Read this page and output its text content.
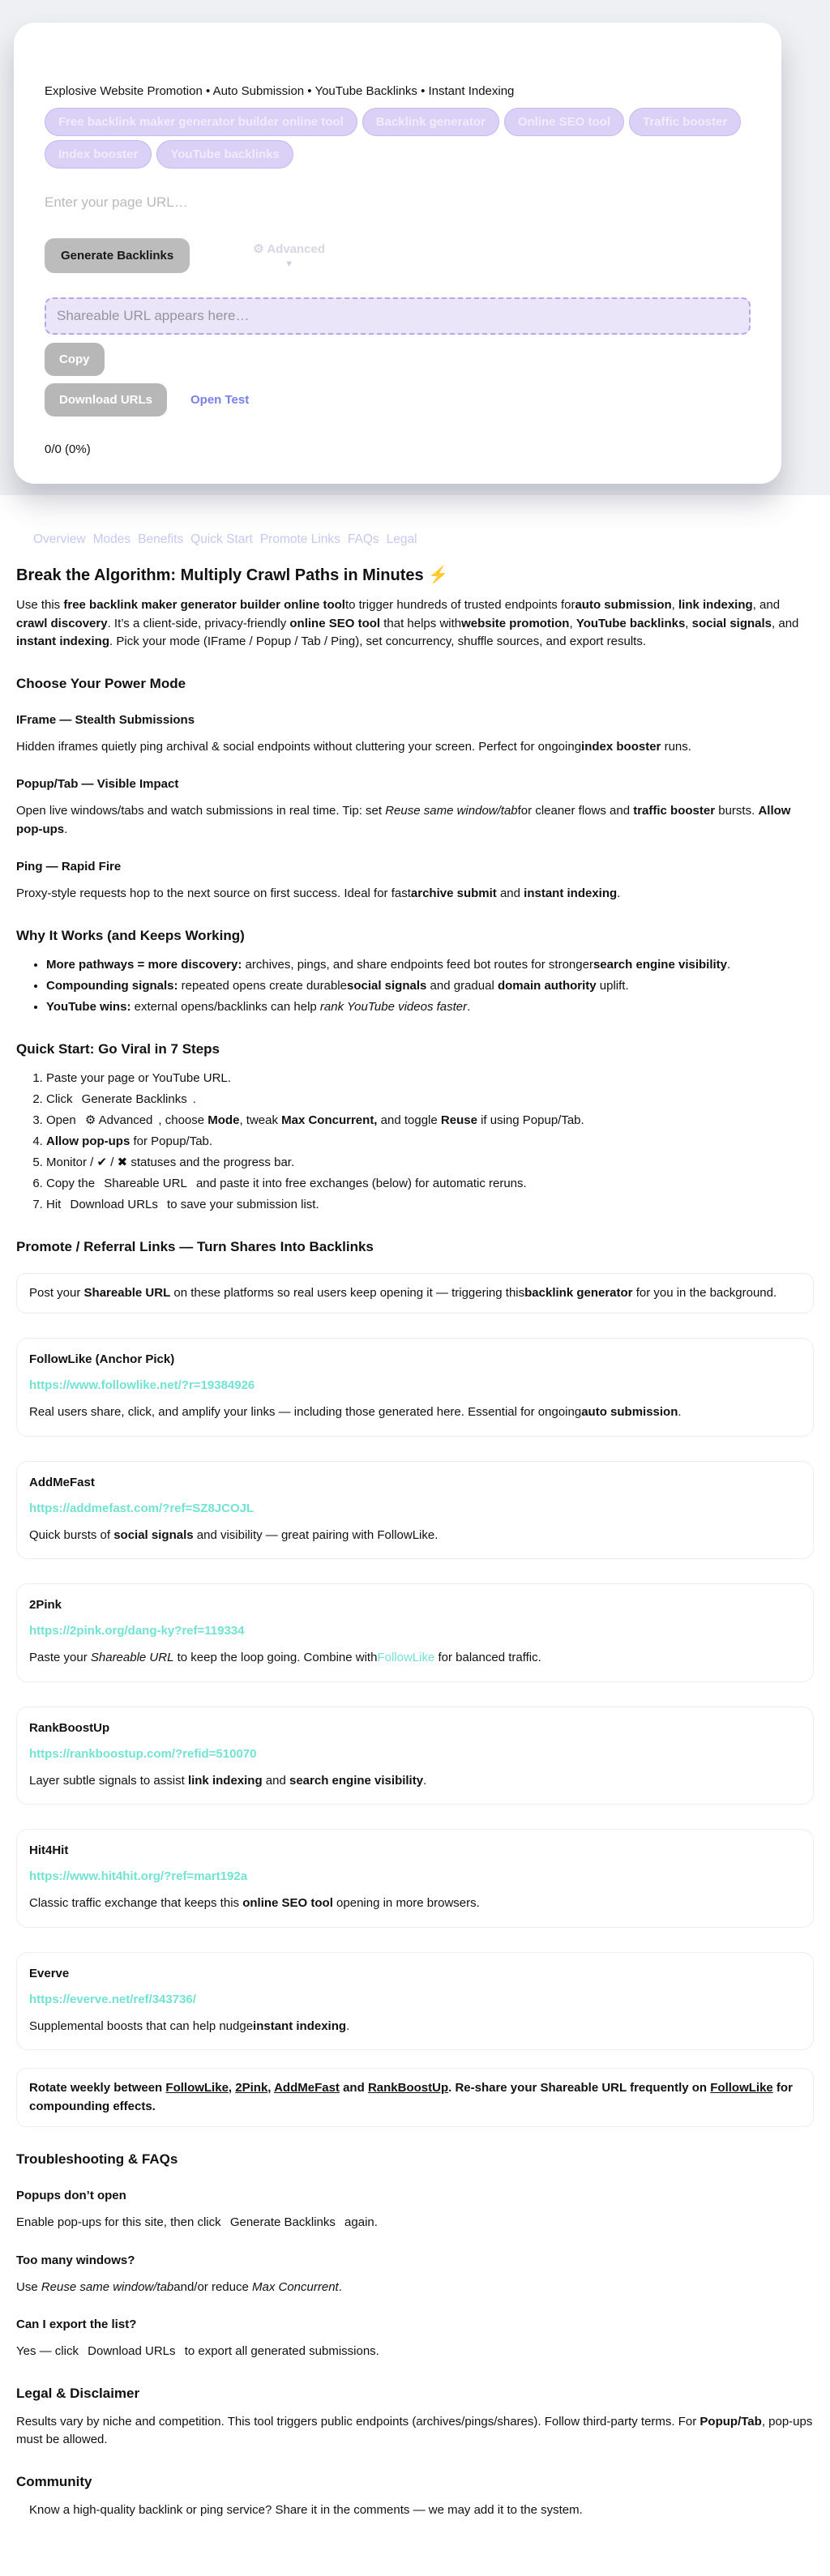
Explosive Website Promotion • Auto Submission • YouTube Backlinks • Instant Indexing

Free backlink maker generator builder online tool	Backlink generator	Online SEO tool	Traffic booster
Index booster	YouTube backlinks
Enter your page URL…
Generate Backlinks	⚙ Advanced
▼
Shareable URL appears here…
Copy
Download URLs	Open Test

0/0 (0%)

Overview Modes Benefits Quick Start Promote Links FAQs Legal
Break the Algorithm: Multiply Crawl Paths in Minutes ⚡

Use this free backlink maker generator builder online toolto trigger hundreds of trusted endpoints forauto submission, link indexing, and crawl discovery. It’s a client-side, privacy-friendly online SEO tool that helps withwebsite promotion, YouTube backlinks, social signals, and instant indexing. Pick your mode (IFrame / Popup / Tab / Ping), set concurrency, shuffle sources, and export results.

Choose Your Power Mode
IFrame — Stealth Submissions

Hidden iframes quietly ping archival & social endpoints without cluttering your screen. Perfect for ongoingindex booster runs.

Popup/Tab — Visible Impact

Open live windows/tabs and watch submissions in real time. Tip: set Reuse same window/tabfor cleaner flows and traffic booster bursts. Allow pop-ups.

Ping — Rapid Fire

Proxy-style requests hop to the next source on first success. Ideal for fastarchive submit and instant indexing.

Why It Works (and Keeps Working)
• More pathways = more discovery: archives, pings, and share endpoints feed bot routes for strongersearch engine visibility.
• Compounding signals: repeated opens create durablesocial signals and gradual domain authority uplift.
• YouTube wins: external opens/backlinks can help rank YouTube videos faster.
Quick Start: Go Viral in 7 Steps
1. Paste your page or YouTube URL.
2. Click Generate Backlinks .
3. Open ⚙ Advanced , choose Mode, tweak Max Concurrent, and toggle Reuse if using Popup/Tab.
4. Allow pop-ups for Popup/Tab.
5. Monitor / ✔ / ✖ statuses and the progress bar.
6. Copy the Shareable URL and paste it into free exchanges (below) for automatic reruns.
7. Hit Download URLs to save your submission list.
Promote / Referral Links — Turn Shares Into Backlinks
Post your Shareable URL on these platforms so real users keep opening it — triggering thisbacklink generator for you in the background.
FollowLike (Anchor Pick)
https://www.followlike.net/?r=19384926

Real users share, click, and amplify your links — including those generated here. Essential for ongoingauto submission.

AddMeFast
https://addmefast.com/?ref=SZ8JCOJL

Quick bursts of social signals and visibility — great pairing with FollowLike.

2Pink
https://2pink.org/dang-ky?ref=119334

Paste your Shareable URL to keep the loop going. Combine withFollowLike for balanced traffic.

RankBoostUp
https://rankboostup.com/?refid=510070

Layer subtle signals to assist link indexing and search engine visibility.

Hit4Hit
https://www.hit4hit.org/?ref=mart192a

Classic traffic exchange that keeps this online SEO tool opening in more browsers.

Everve
https://everve.net/ref/343736/

Supplemental boosts that can help nudgeinstant indexing.

Rotate weekly between FollowLike, 2Pink, AddMeFast and RankBoostUp. Re-share your Shareable URL frequently on FollowLike for compounding effects.
Troubleshooting & FAQs
Popups don’t open

Enable pop-ups for this site, then click Generate Backlinks again.

Too many windows?

Use Reuse same window/taband/or reduce Max Concurrent.

Can I export the list?

Yes — click Download URLs to export all generated submissions.

Legal & Disclaimer

Results vary by niche and competition. This tool triggers public endpoints (archives/pings/shares). Follow third-party terms. For Popup/Tab, pop-ups must be allowed.

Community

Know a high-quality backlink or ping service? Share it in the comments — we may add it to the system.
